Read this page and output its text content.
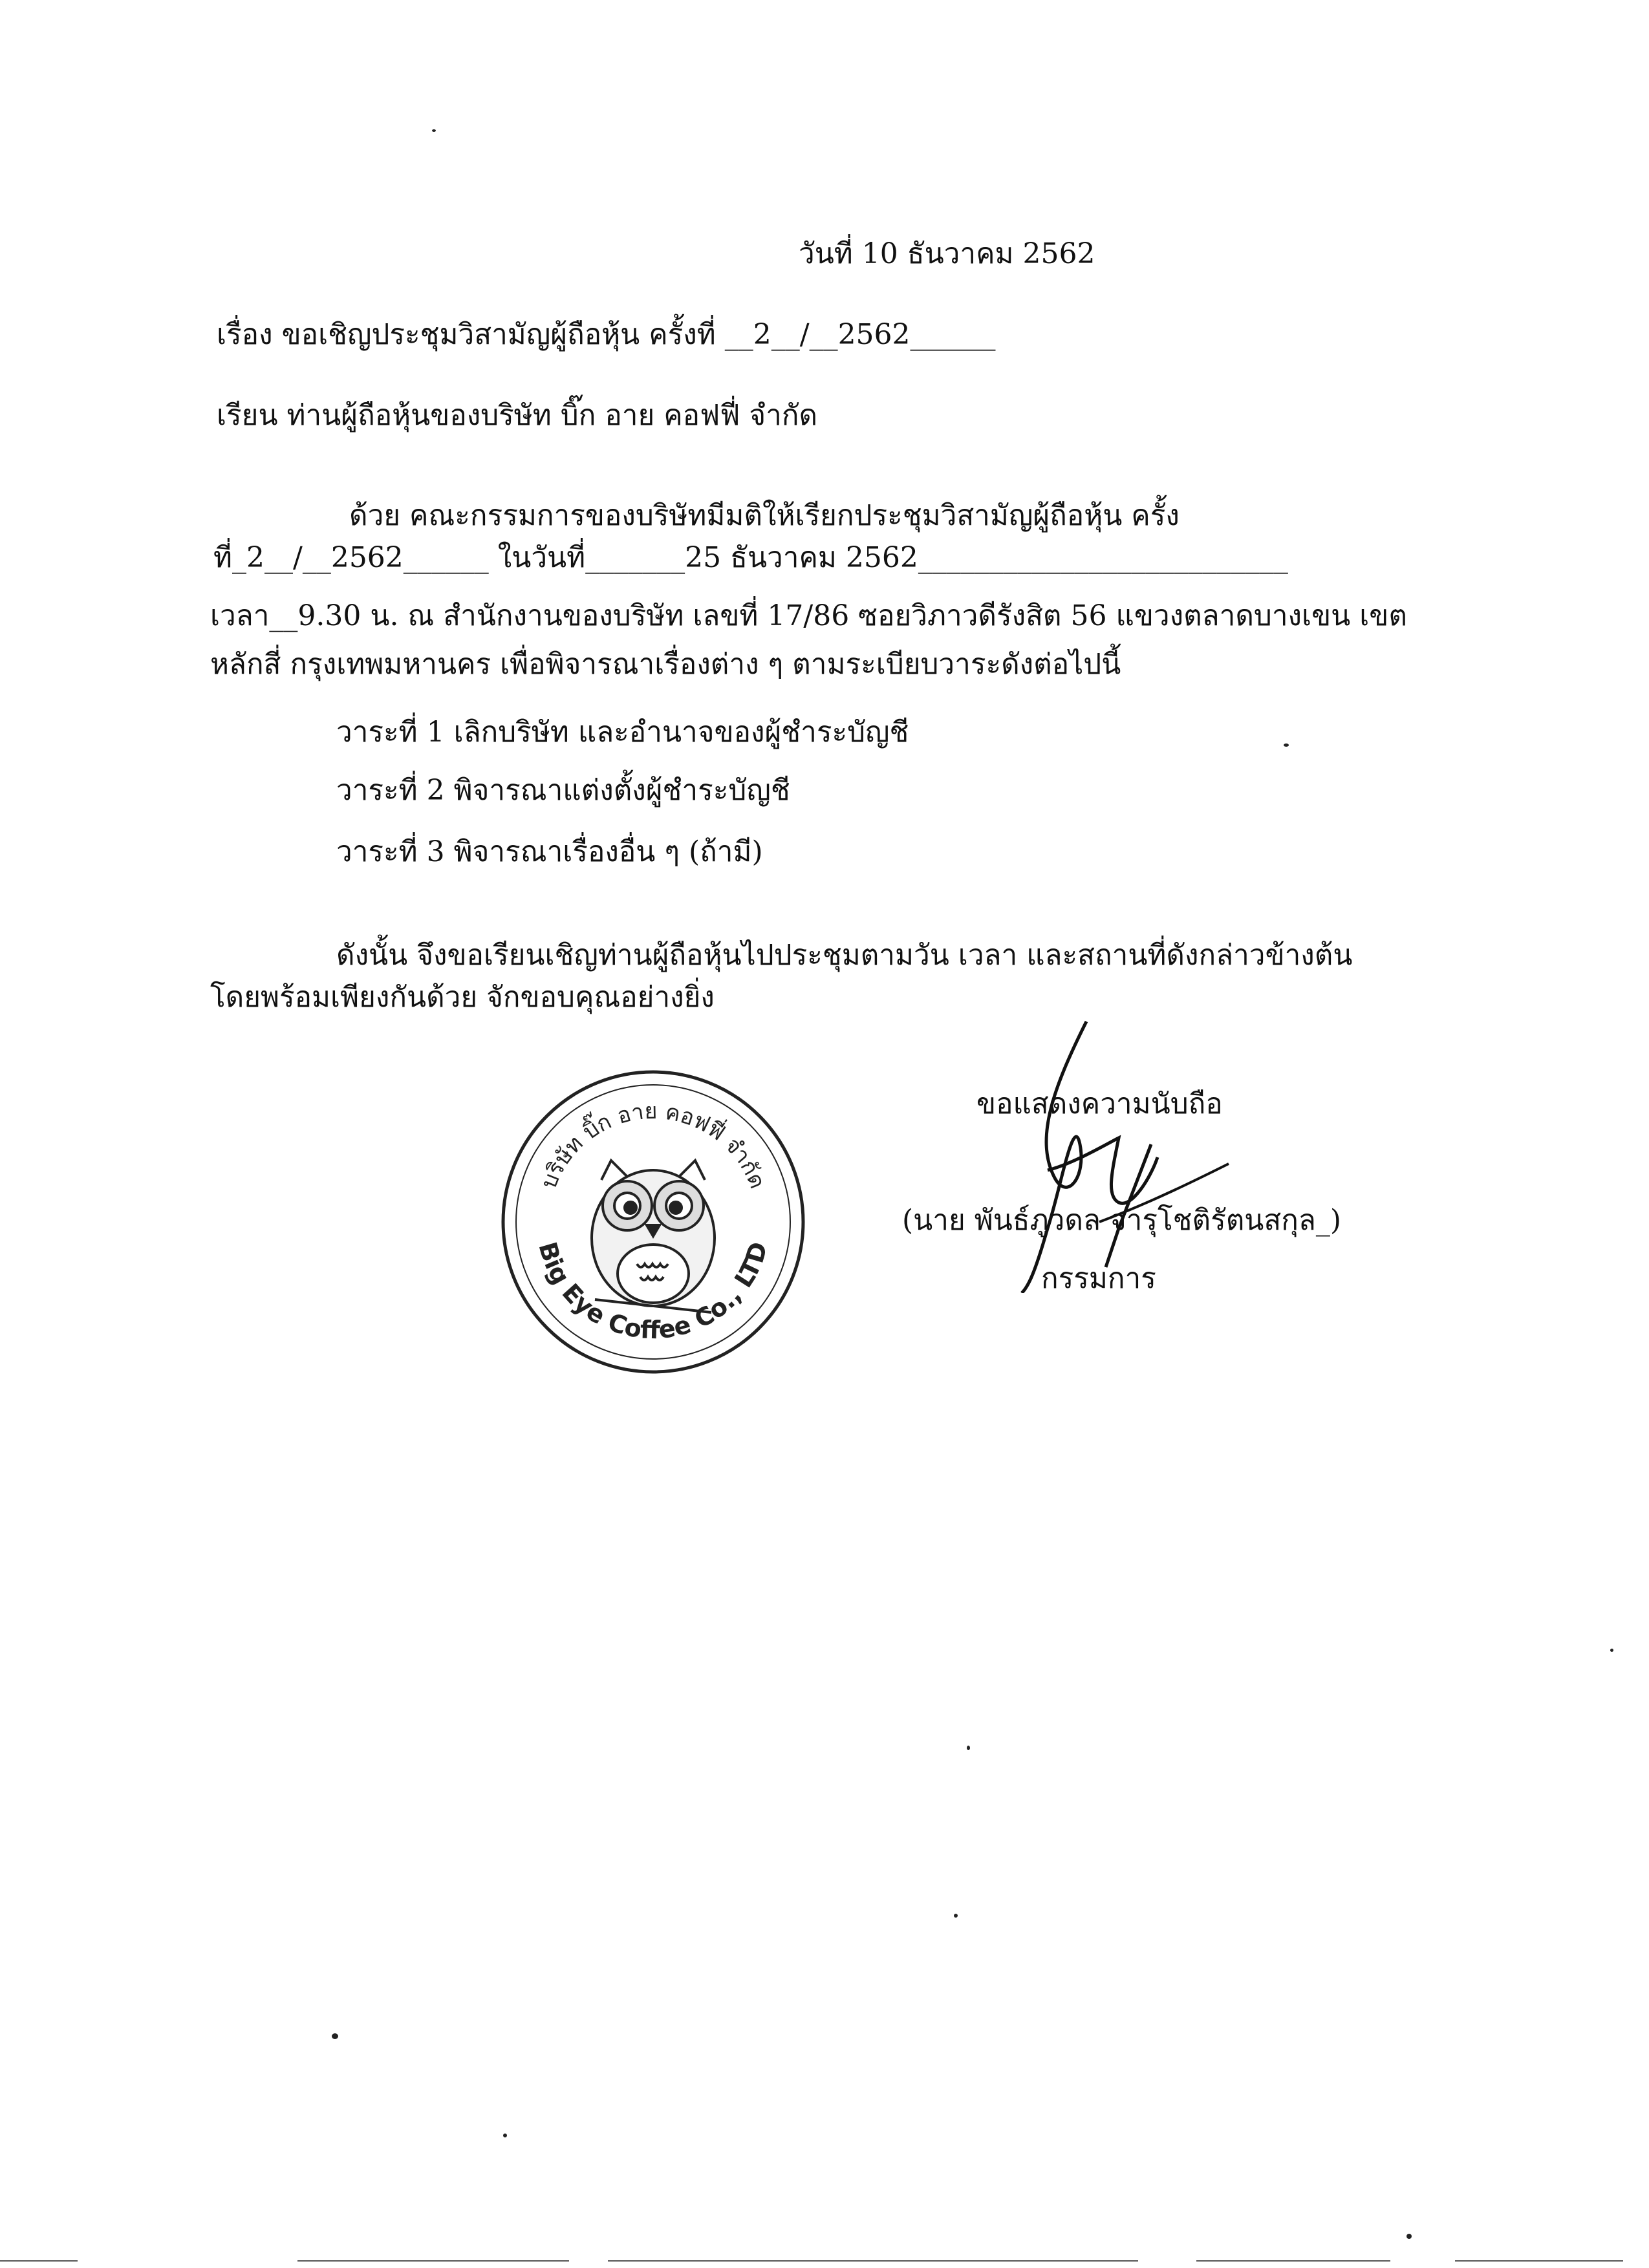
วันที่ 10 ธันวาคม 2562
เรื่อง ขอเชิญประชุมวิสามัญผู้ถือหุ้น ครั้งที่ __2__/__2562______
เรียน ท่านผู้ถือหุ้นของบริษัท บิ๊ก อาย คอฟฟี่ จำกัด
ด้วย คณะกรรมการของบริษัทมีมติให้เรียกประชุมวิสามัญผู้ถือหุ้น ครั้ง
ที่_2__/__2562______ ในวันที่_______25 ธันวาคม 2562__________________________
เวลา__9.30 น. ณ สำนักงานของบริษัท เลขที่ 17/86 ซอยวิภาวดีรังสิต 56 แขวงตลาดบางเขน เขต
หลักสี่ กรุงเทพมหานคร เพื่อพิจารณาเรื่องต่าง ๆ ตามระเบียบวาระดังต่อไปนี้
วาระที่ 1 เลิกบริษัท และอำนาจของผู้ชำระบัญชี
วาระที่ 2 พิจารณาแต่งตั้งผู้ชำระบัญชี
วาระที่ 3 พิจารณาเรื่องอื่น ๆ (ถ้ามี)
ดังนั้น จึงขอเรียนเชิญท่านผู้ถือหุ้นไปประชุมตามวัน เวลา และสถานที่ดังกล่าวข้างต้น
โดยพร้อมเพียงกันด้วย จักขอบคุณอย่างยิ่ง
บริษัท บิ๊ก อาย คอฟฟี่ จำกัด
Big Eye Coffee Co., LTD
ขอแสดงความนับถือ
(นาย พันธ์ภูวดล จารุโชติรัตนสกุล_)
กรรมการ
